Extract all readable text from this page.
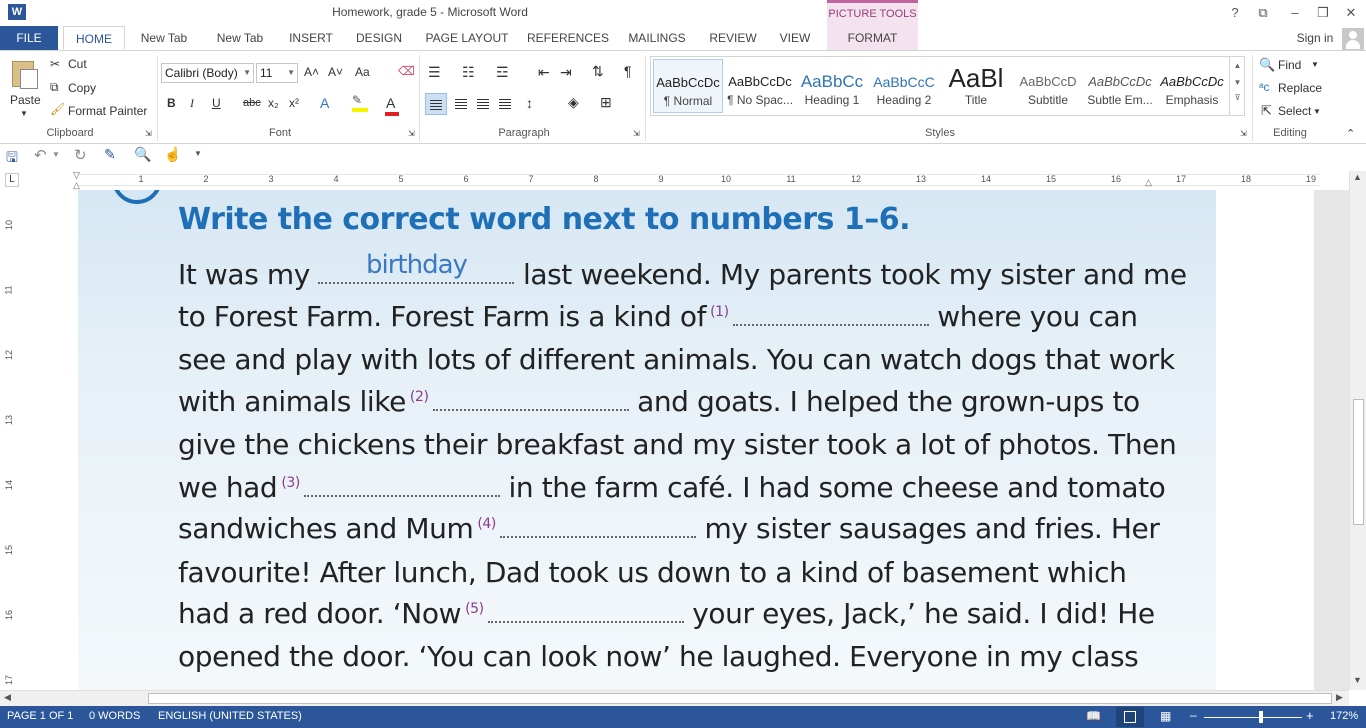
W	Homework, grade 5 - Microsoft Word	PICTURE TOOLS	?	⧉	–	❒	✕
FILE	HOME	New Tab	New Tab	INSERT	DESIGN	PAGE LAYOUT	REFERENCES	MAILINGS	REVIEW	VIEW	FORMAT	Sign in
Paste
▼
✂ Cut
⧉ Copy
🖌 Format Painter
Clipboard	⇲
Calibri (Body) ▼ 11 ▼ A˄ A˅ Aa ⌫
B I U abc x₂ x² A ✎ A
Font	⇲
☰ ☷ ☲ ⇤ ⇥ ⇅ ¶
↕	◈ ⊞
Paragraph	⇲
AaBbCcDc
¶ Normal
AaBbCcDc
¶ No Spac...
AaBbCc
Heading 1
AaBbCcC
Heading 2
AaBl
Title
AaBbCcD
Subtitle
AaBbCcDc
Subtle Em...
AaBbCcDc
Emphasis
▲
▼
⊽
Styles	⇲
🔍 Find ▼
ᵃc Replace
⇱ Select ▼
Editing	⌃
🖫 ↶ ▼ ↻ ✎ 🔍 ☝ ▼
L	▽
△	△
1	2	3	4	5	6	7	8	9	10	11	12	13	14	15	16	17	18	19
10
11
12
13
14
15
16
17
Write the correct word next to numbers 1–6.
It was my	birthday	last weekend. My parents took my sister and me
to Forest Farm. Forest Farm is a kind of $^{(1)}$	where you can
see and play with lots of different animals. You can watch dogs that work
with animals like $^{(2)}$	and goats. I helped the grown-ups to
give the chickens their breakfast and my sister took a lot of photos. Then
we had $^{(3)}$	in the farm café. I had some cheese and tomato
sandwiches and Mum $^{(4)}$	my sister sausages and fries. Her
favourite! After lunch, Dad took us down to a kind of basement which
had a red door. ‘Now $^{(5)}$	your eyes, Jack,’ he said. I did! He
opened the door. ‘You can look now’ he laughed. Everyone in my class
▲
▼
◀	▶
PAGE 1 OF 1 0 WORDS ENGLISH (UNITED STATES)	📖	▦ –	+ 172%
